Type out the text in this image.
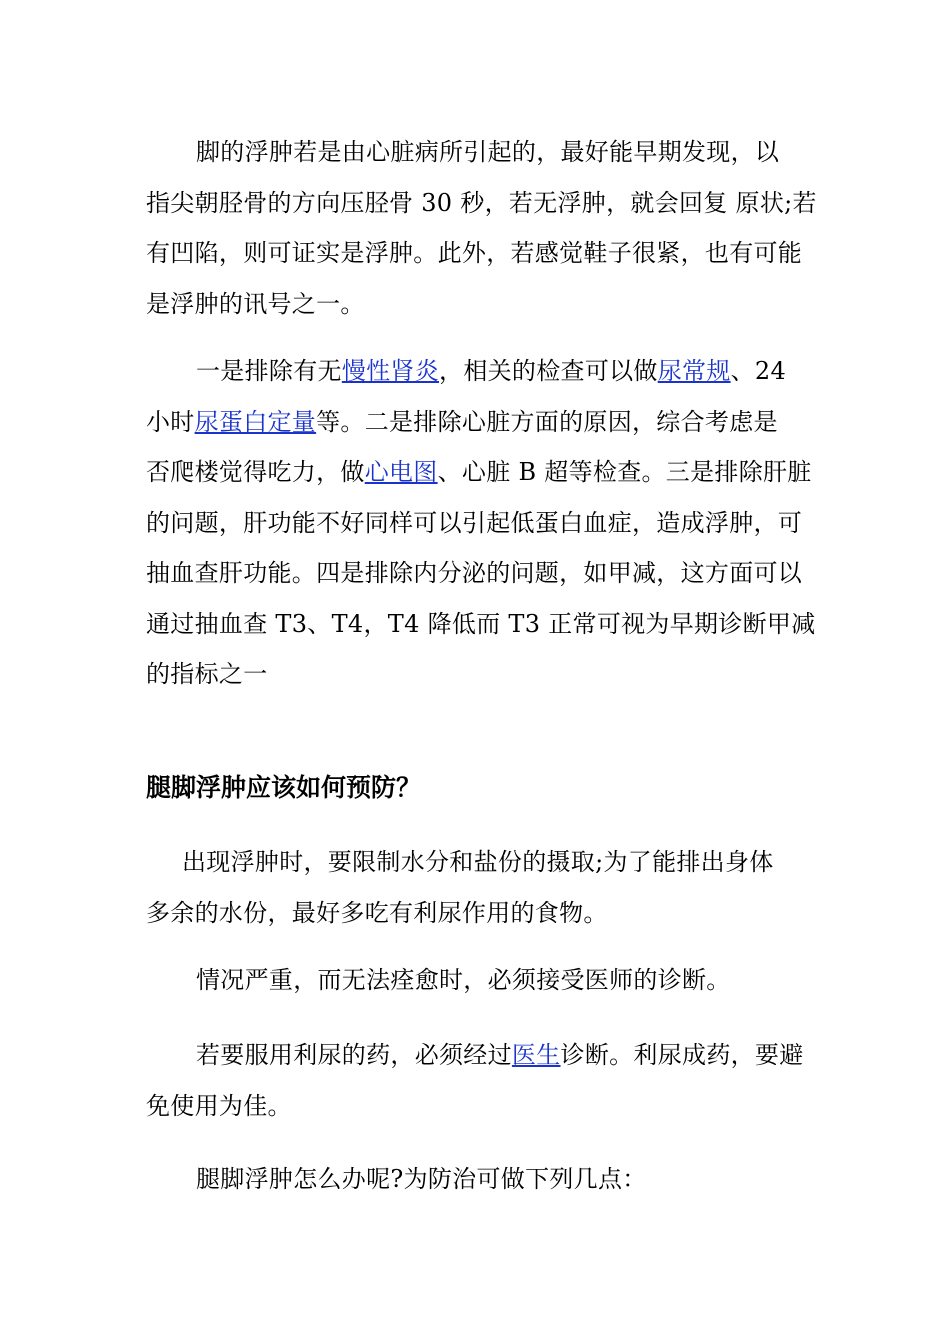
脚的浮肿若是由心脏病所引起的，最好能早期发现，以
指尖朝胫骨的方向压胫骨 30 秒，若无浮肿，就会回复 原状;若
有凹陷，则可证实是浮肿。此外，若感觉鞋子很紧，也有可能
是浮肿的讯号之一。
一是排除有无慢性肾炎，相关的检查可以做尿常规、24
小时尿蛋白定量等。二是排除心脏方面的原因，综合考虑是
否爬楼觉得吃力，做心电图、心脏 B 超等检查。三是排除肝脏
的问题，肝功能不好同样可以引起低蛋白血症，造成浮肿，可
抽血查肝功能。四是排除内分泌的问题，如甲减，这方面可以
通过抽血查 T3、T4，T4 降低而 T3 正常可视为早期诊断甲减
的指标之一
腿脚浮肿应该如何预防？
出现浮肿时，要限制水分和盐份的摄取;为了能排出身体
多余的水份，最好多吃有利尿作用的食物。
情况严重，而无法痊愈时，必须接受医师的诊断。
若要服用利尿的药，必须经过医生诊断。利尿成药，要避
免使用为佳。
腿脚浮肿怎么办呢?为防治可做下列几点：
